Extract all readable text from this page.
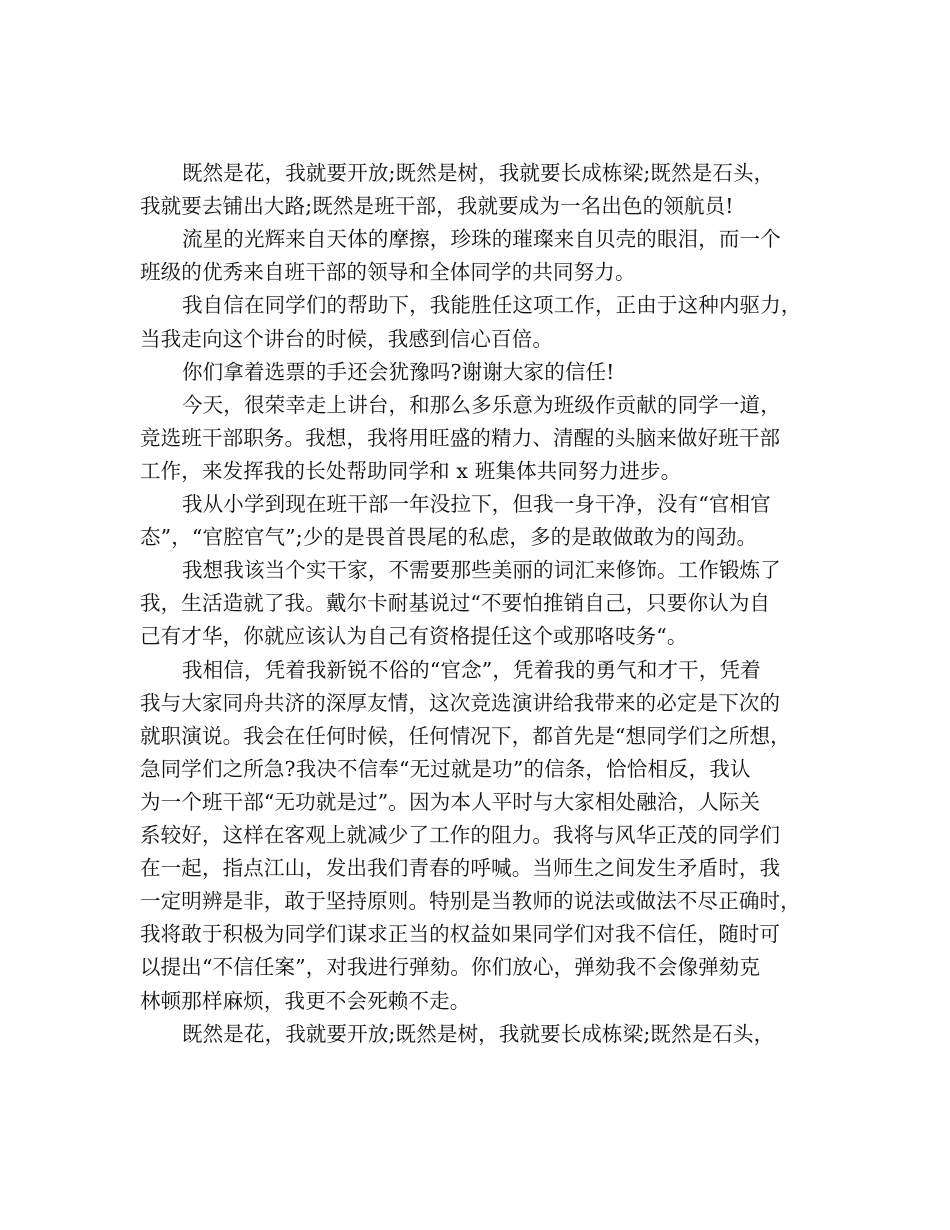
既然是花，我就要开放;既然是树，我就要长成栋梁;既然是石头，
我就要去铺出大路;既然是班干部，我就要成为一名出色的领航员!
流星的光辉来自天体的摩擦，珍珠的璀璨来自贝壳的眼泪，而一个
班级的优秀来自班干部的领导和全体同学的共同努力。
我自信在同学们的帮助下，我能胜任这项工作，正由于这种内驱力，
当我走向这个讲台的时候，我感到信心百倍。
你们拿着选票的手还会犹豫吗?谢谢大家的信任!
今天，很荣幸走上讲台，和那么多乐意为班级作贡献的同学一道，
竞选班干部职务。我想，我将用旺盛的精力、清醒的头脑来做好班干部
工作，来发挥我的长处帮助同学和 x 班集体共同努力进步。
我从小学到现在班干部一年没拉下，但我一身干净，没有“官相官
态”，“官腔官气”;少的是畏首畏尾的私虑，多的是敢做敢为的闯劲。
我想我该当个实干家，不需要那些美丽的词汇来修饰。工作锻炼了
我，生活造就了我。戴尔卡耐基说过“不要怕推销自己，只要你认为自
己有才华，你就应该认为自己有资格提任这个或那咯吱务“。
我相信，凭着我新锐不俗的“官念”，凭着我的勇气和才干，凭着
我与大家同舟共济的深厚友情，这次竞选演讲给我带来的必定是下次的
就职演说。我会在任何时候，任何情况下，都首先是“想同学们之所想，
急同学们之所急?我决不信奉“无过就是功”的信条，恰恰相反，我认
为一个班干部“无功就是过”。因为本人平时与大家相处融洽，人际关
系较好，这样在客观上就减少了工作的阻力。我将与风华正茂的同学们
在一起，指点江山，发出我们青春的呼喊。当师生之间发生矛盾时，我
一定明辨是非，敢于坚持原则。特别是当教师的说法或做法不尽正确时，
我将敢于积极为同学们谋求正当的权益如果同学们对我不信任，随时可
以提出“不信任案”，对我进行弹劾。你们放心，弹劾我不会像弹劾克
林顿那样麻烦，我更不会死赖不走。
既然是花，我就要开放;既然是树，我就要长成栋梁;既然是石头，
